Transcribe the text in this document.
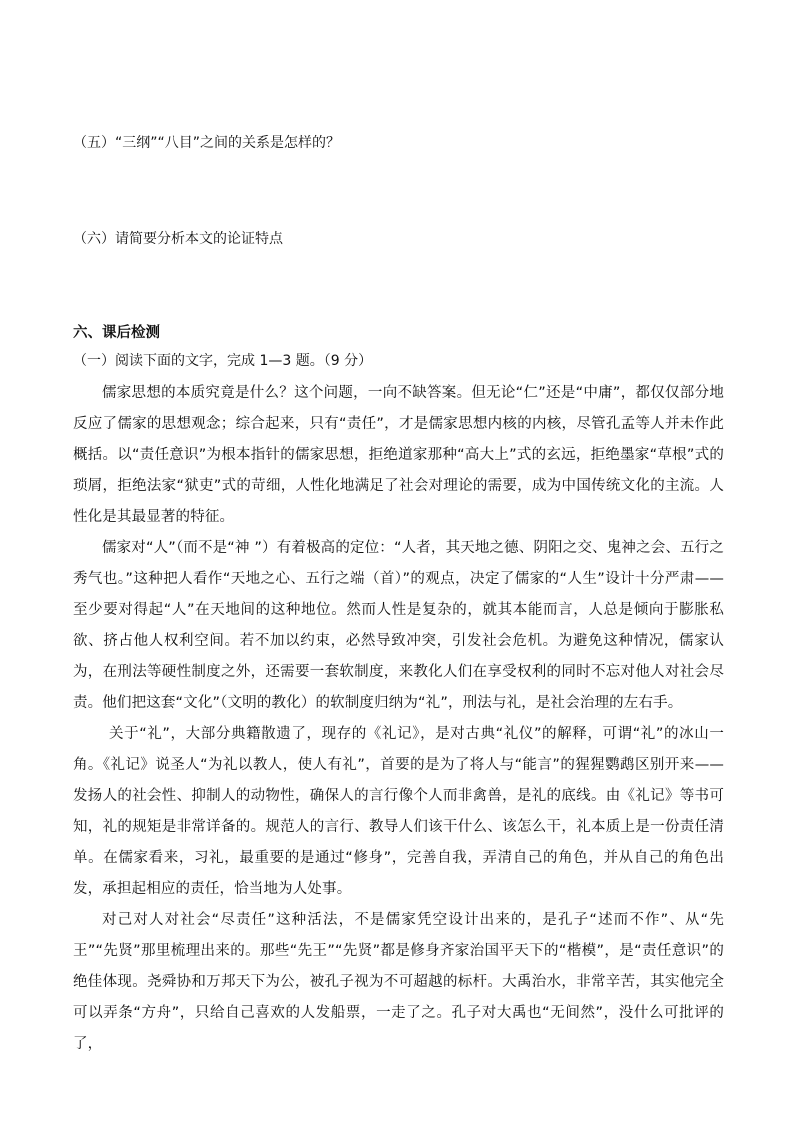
（五）“三纲”“八目”之间的关系是怎样的？
（六）请简要分析本文的论证特点
六、课后检测
（一）阅读下面的文字，完成 1—3 题。（9 分）

儒家思想的本质究竟是什么？这个问题，一向不缺答案。但无论“仁”还是“中庸”，都仅仅部分地反应了儒家的思想观念；综合起来，只有“责任”，才是儒家思想内核的内核，尽管孔孟等人并未作此概括。以“责任意识”为根本指针的儒家思想，拒绝道家那种“高大上”式的玄远，拒绝墨家“草根”式的琐屑，拒绝法家“狱吏”式的苛细，人性化地满足了社会对理论的需要，成为中国传统文化的主流。人性化是其最显著的特征。

儒家对“人”（而不是“神 ”）有着极高的定位：“人者，其天地之德、阴阳之交、鬼神之会、五行之秀气也。”这种把人看作“天地之心、五行之端（首）”的观点，决定了儒家的“人生”设计十分严肃——至少要对得起“人”在天地间的这种地位。然而人性是复杂的，就其本能而言，人总是倾向于膨胀私欲、挤占他人权利空间。若不加以约束，必然导致冲突，引发社会危机。为避免这种情况，儒家认为，在刑法等硬性制度之外，还需要一套软制度，来教化人们在享受权利的同时不忘对他人对社会尽责。他们把这套“文化”（文明的教化）的软制度归纳为“礼”，刑法与礼，是社会治理的左右手。

关于“礼”，大部分典籍散遗了，现存的《礼记》，是对古典“礼仪”的解释，可谓“礼”的冰山一角。《礼记》说圣人“为礼以教人，使人有礼”，首要的是为了将人与“能言”的猩猩鹦鹉区别开来——发扬人的社会性、抑制人的动物性，确保人的言行像个人而非禽兽，是礼的底线。由《礼记》等书可知，礼的规矩是非常详备的。规范人的言行、教导人们该干什么、该怎么干，礼本质上是一份责任清单。在儒家看来，习礼，最重要的是通过“修身”，完善自我，弄清自己的角色，并从自己的角色出发，承担起相应的责任，恰当地为人处事。

对己对人对社会“尽责任”这种活法，不是儒家凭空设计出来的，是孔子“述而不作”、从“先王”“先贤”那里梳理出来的。那些“先王”“先贤”都是修身齐家治国平天下的“楷模”，是“责任意识”的绝佳体现。尧舜协和万邦天下为公，被孔子视为不可超越的标杆。大禹治水，非常辛苦，其实他完全可以弄条“方舟”，只给自己喜欢的人发船票，一走了之。孔子对大禹也“无间然”，没什么可批评的了，
